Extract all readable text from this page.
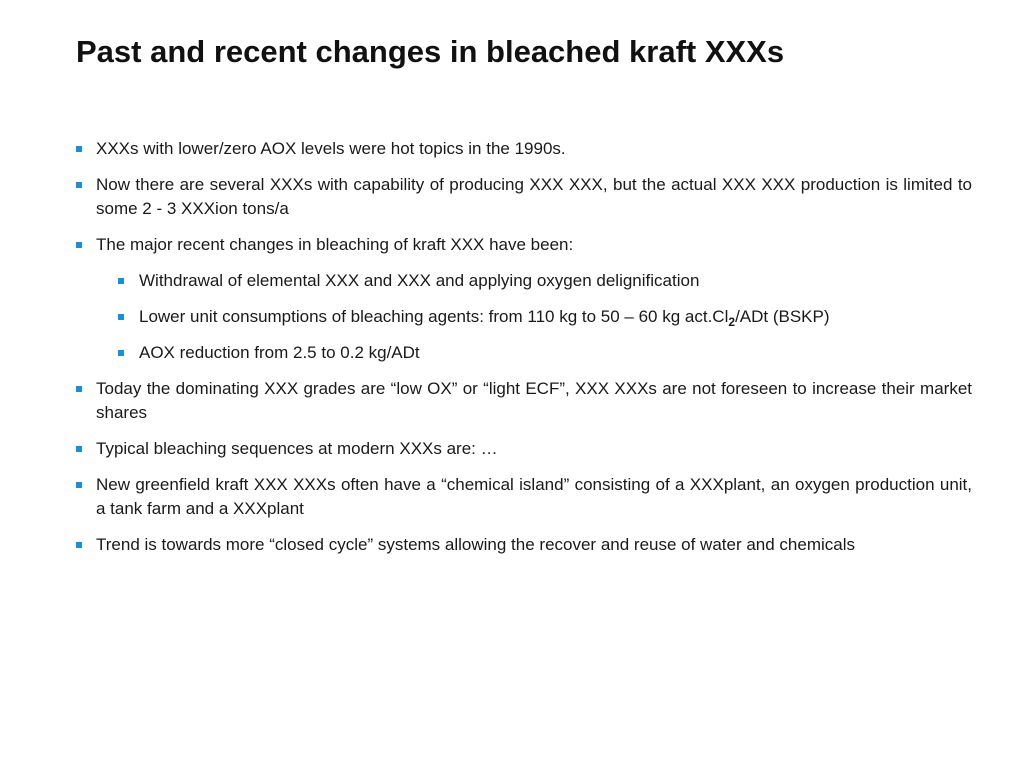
Past and recent changes in bleached kraft XXXs
XXXs with lower/zero AOX levels were hot topics in the 1990s.
Now there are several XXXs with capability of producing XXX XXX, but the actual XXX XXX production is limited to some 2 - 3 XXXion tons/a
The major recent changes in bleaching of kraft XXX have been:
Withdrawal of elemental XXX and XXX and applying oxygen delignification
Lower unit consumptions of bleaching agents: from 110 kg to 50 – 60 kg $act.Cl_2$/ADt (BSKP)
AOX reduction from 2.5 to 0.2 kg/ADt
Today the dominating XXX grades are “low OX” or “light ECF”, XXX XXXs are not foreseen to increase their market shares
Typical bleaching sequences at modern XXXs are: …
New greenfield kraft XXX XXXs often have a “chemical island” consisting of a XXXplant, an oxygen production unit, a tank farm and a XXXplant
Trend is towards more “closed cycle” systems allowing the recover and reuse of water and chemicals
